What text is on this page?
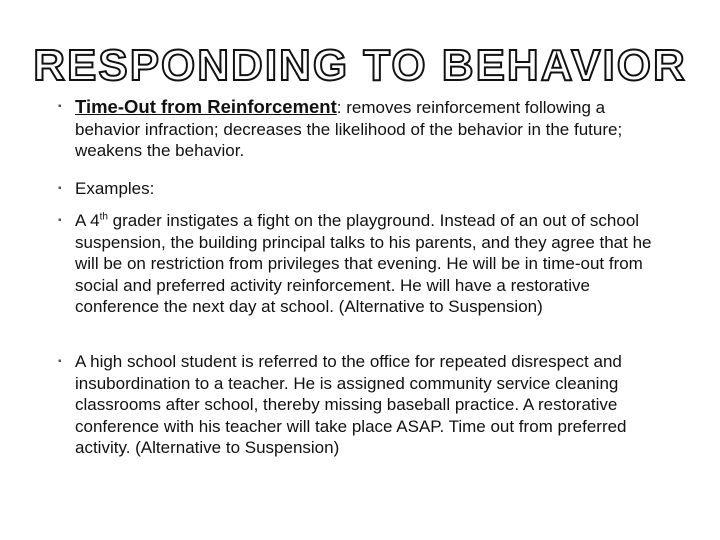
RESPONDING TO BEHAVIOR
▪ Time-Out from Reinforcement: removes reinforcement following a behavior infraction; decreases the likelihood of the behavior in the future; weakens the behavior.
▪ Examples:
▪ A 4th grader instigates a fight on the playground. Instead of an out of school suspension, the building principal talks to his parents, and they agree that he will be on restriction from privileges that evening. He will be in time-out from social and preferred activity reinforcement. He will have a restorative conference the next day at school. (Alternative to Suspension)
▪ A high school student is referred to the office for repeated disrespect and insubordination to a teacher. He is assigned community service cleaning classrooms after school, thereby missing baseball practice. A restorative conference with his teacher will take place ASAP. Time out from preferred activity. (Alternative to Suspension)
